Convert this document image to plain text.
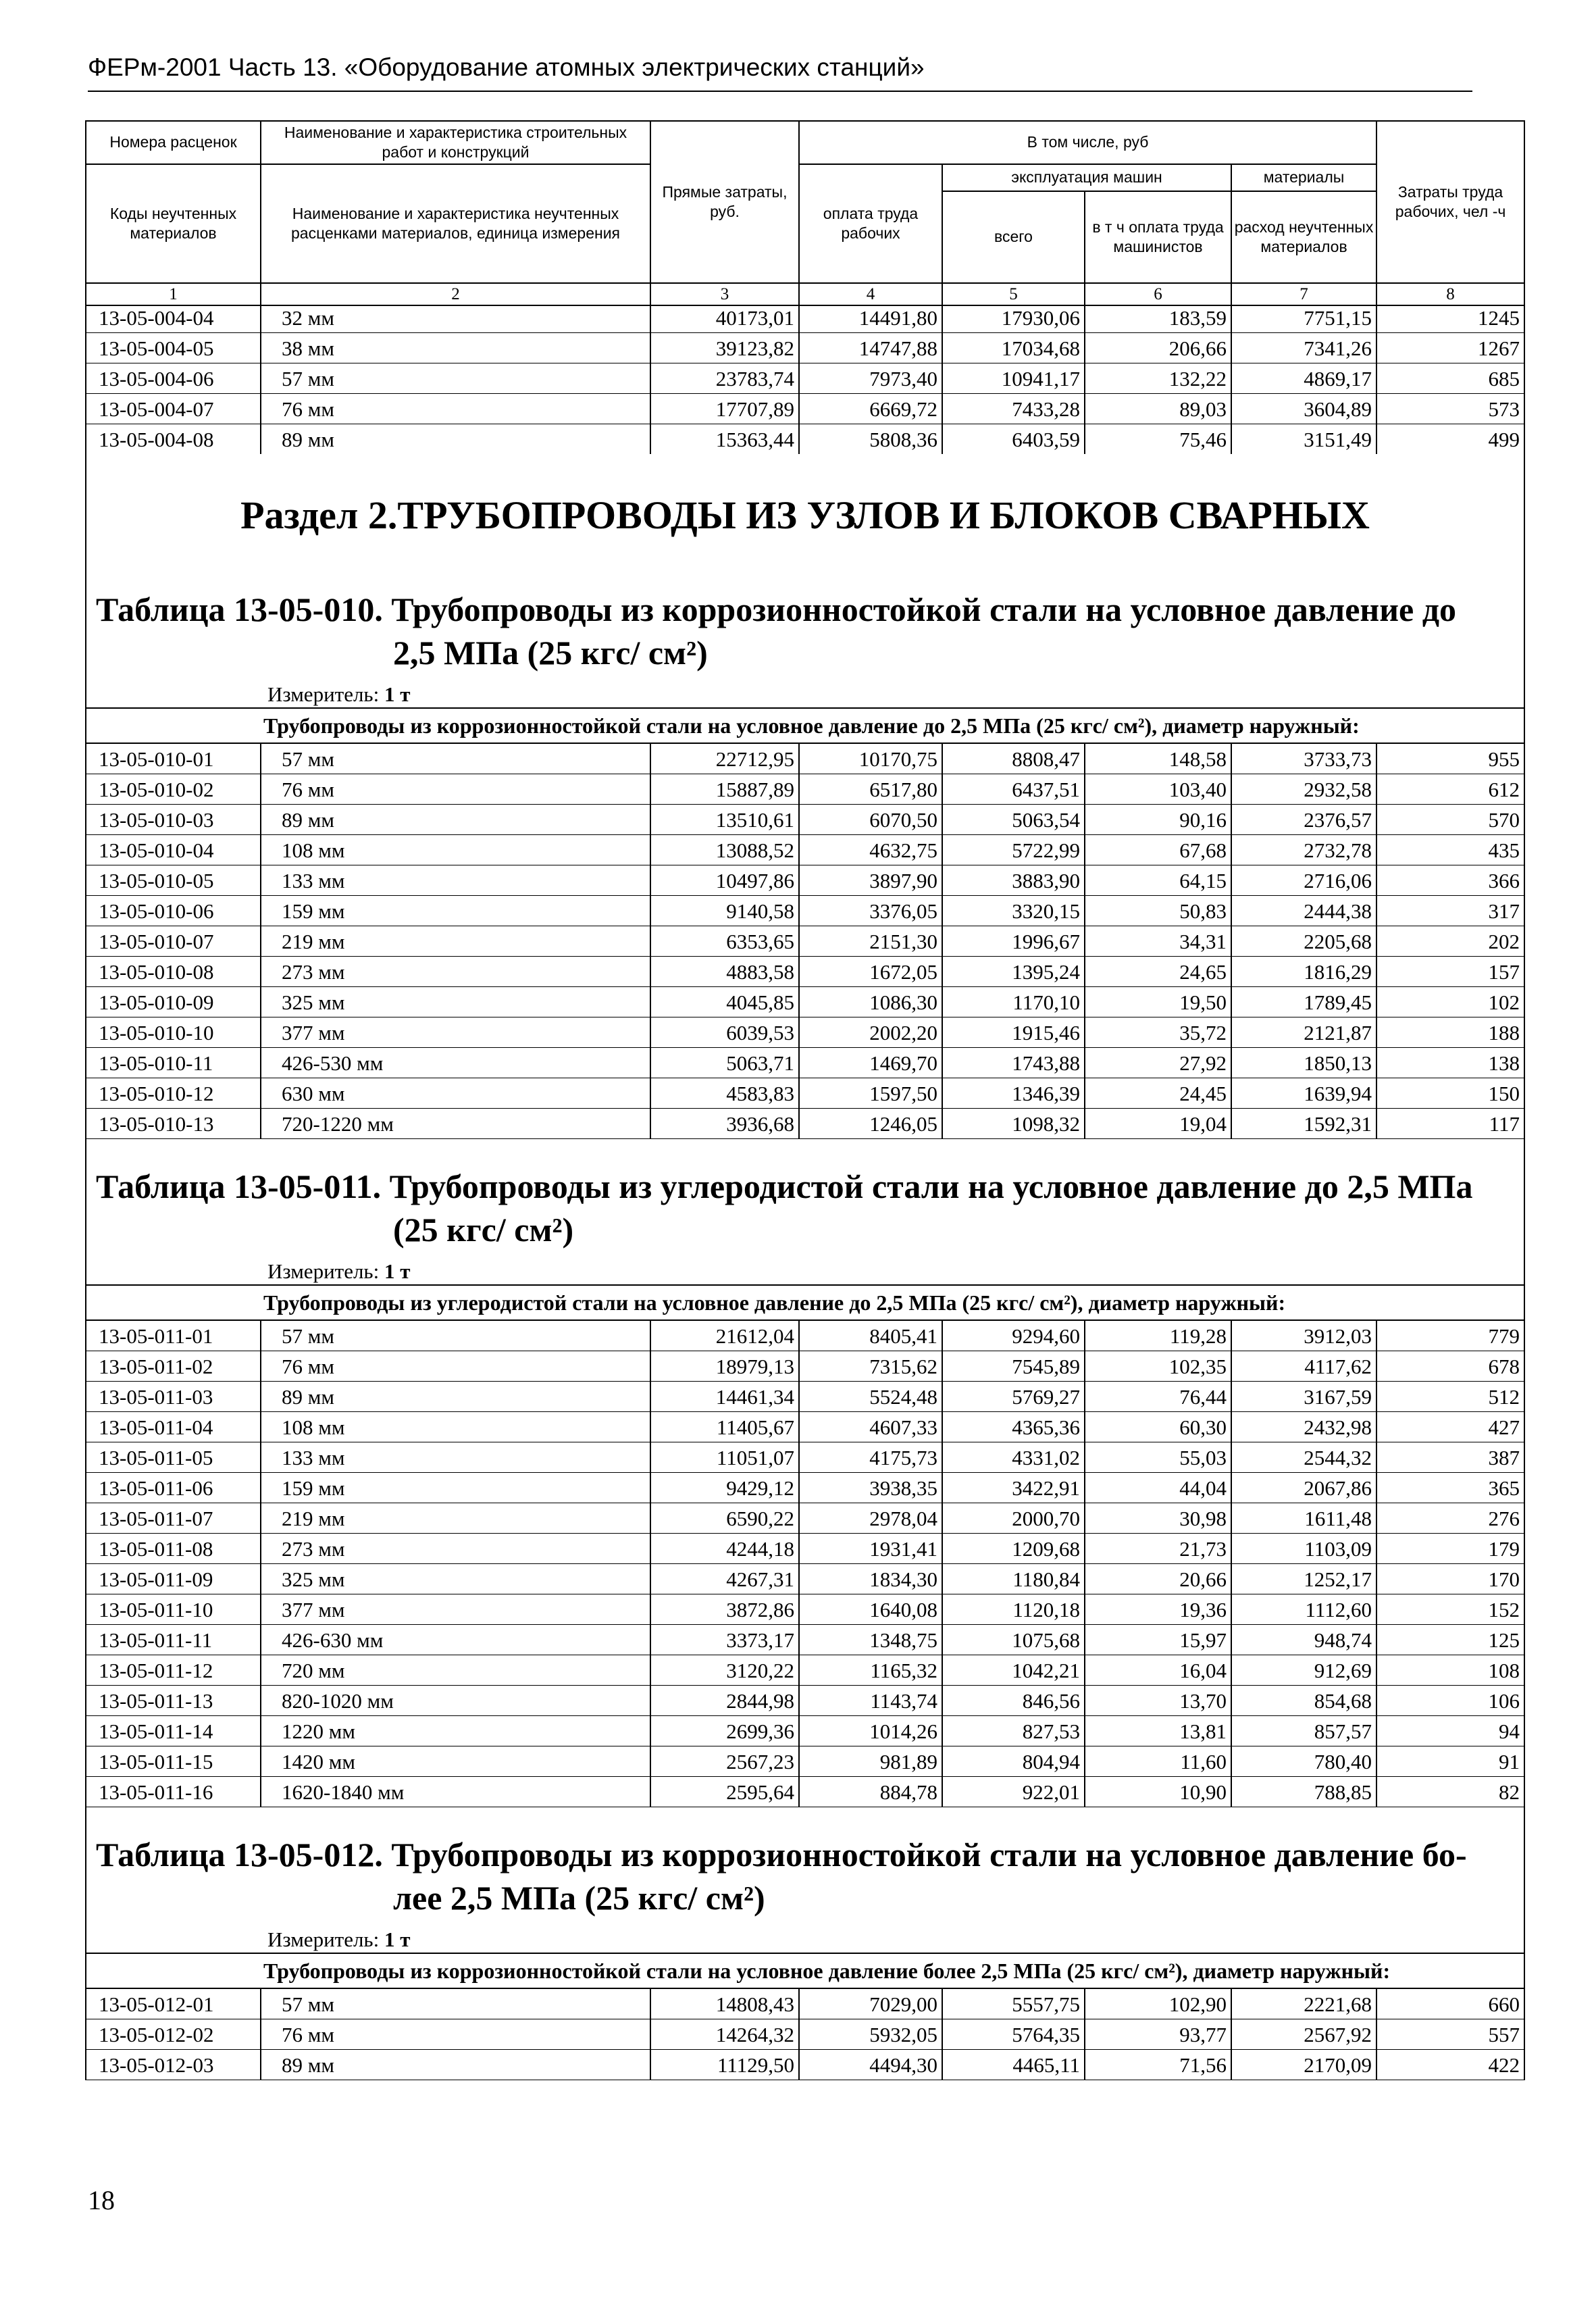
ФЕРм-2001 Часть 13. «Оборудование атомных электрических станций»
Номера расценок	Наименование и характеристика строительных работ и конструкций	Прямые затраты, руб.	В том числе, руб				Затраты труда рабочих, чел -ч
Коды неучтенных материалов	Наименование и характеристика неучтенных расценками материалов, единица измерения		оплата труда рабочих	эксплуатация машин		материалы	
				всего	в т ч оплата труда машинистов	расход неучтенных материалов	
1	2	3	4	5	6	7	8
13-05-004-04	32 мм	40173,01	14491,80	17930,06	183,59	7751,15	1245
13-05-004-05	38 мм	39123,82	14747,88	17034,68	206,66	7341,26	1267
13-05-004-06	57 мм	23783,74	7973,40	10941,17	132,22	4869,17	685
13-05-004-07	76 мм	17707,89	6669,72	7433,28	89,03	3604,89	573
13-05-004-08	89 мм	15363,44	5808,36	6403,59	75,46	3151,49	499

Раздел 2.ТРУБОПРОВОДЫ ИЗ УЗЛОВ И БЛОКОВ СВАРНЫХ							

Таблица 13-05-010. Трубопроводы из коррозионностойкой стали на условное давление до
2,5 МПа (25 кгс/ см²)
Измеритель: 1 т							

Трубопроводы из коррозионностойкой стали на условное давление до 2,5 МПа (25 кгс/ см²), диаметр наружный:							
13-05-010-01	57 мм	22712,95	10170,75	8808,47	148,58	3733,73	955
13-05-010-02	76 мм	15887,89	6517,80	6437,51	103,40	2932,58	612
13-05-010-03	89 мм	13510,61	6070,50	5063,54	90,16	2376,57	570
13-05-010-04	108 мм	13088,52	4632,75	5722,99	67,68	2732,78	435
13-05-010-05	133 мм	10497,86	3897,90	3883,90	64,15	2716,06	366
13-05-010-06	159 мм	9140,58	3376,05	3320,15	50,83	2444,38	317
13-05-010-07	219 мм	6353,65	2151,30	1996,67	34,31	2205,68	202
13-05-010-08	273 мм	4883,58	1672,05	1395,24	24,65	1816,29	157
13-05-010-09	325 мм	4045,85	1086,30	1170,10	19,50	1789,45	102
13-05-010-10	377 мм	6039,53	2002,20	1915,46	35,72	2121,87	188
13-05-010-11	426-530 мм	5063,71	1469,70	1743,88	27,92	1850,13	138
13-05-010-12	630 мм	4583,83	1597,50	1346,39	24,45	1639,94	150
13-05-010-13	720-1220 мм	3936,68	1246,05	1098,32	19,04	1592,31	117

Таблица 13-05-011. Трубопроводы из углеродистой стали на условное давление до 2,5 МПа
(25 кгс/ см²)
Измеритель: 1 т							

Трубопроводы из углеродистой стали на условное давление до 2,5 МПа (25 кгс/ см²), диаметр наружный:							
13-05-011-01	57 мм	21612,04	8405,41	9294,60	119,28	3912,03	779
13-05-011-02	76 мм	18979,13	7315,62	7545,89	102,35	4117,62	678
13-05-011-03	89 мм	14461,34	5524,48	5769,27	76,44	3167,59	512
13-05-011-04	108 мм	11405,67	4607,33	4365,36	60,30	2432,98	427
13-05-011-05	133 мм	11051,07	4175,73	4331,02	55,03	2544,32	387
13-05-011-06	159 мм	9429,12	3938,35	3422,91	44,04	2067,86	365
13-05-011-07	219 мм	6590,22	2978,04	2000,70	30,98	1611,48	276
13-05-011-08	273 мм	4244,18	1931,41	1209,68	21,73	1103,09	179
13-05-011-09	325 мм	4267,31	1834,30	1180,84	20,66	1252,17	170
13-05-011-10	377 мм	3872,86	1640,08	1120,18	19,36	1112,60	152
13-05-011-11	426-630 мм	3373,17	1348,75	1075,68	15,97	948,74	125
13-05-011-12	720 мм	3120,22	1165,32	1042,21	16,04	912,69	108
13-05-011-13	820-1020 мм	2844,98	1143,74	846,56	13,70	854,68	106
13-05-011-14	1220 мм	2699,36	1014,26	827,53	13,81	857,57	94
13-05-011-15	1420 мм	2567,23	981,89	804,94	11,60	780,40	91
13-05-011-16	1620-1840 мм	2595,64	884,78	922,01	10,90	788,85	82

Таблица 13-05-012. Трубопроводы из коррозионностойкой стали на условное давление бо-
лее 2,5 МПа (25 кгс/ см²)
Измеритель: 1 т							

Трубопроводы из коррозионностойкой стали на условное давление более 2,5 МПа (25 кгс/ см²), диаметр наружный:							
13-05-012-01	57 мм	14808,43	7029,00	5557,75	102,90	2221,68	660
13-05-012-02	76 мм	14264,32	5932,05	5764,35	93,77	2567,92	557
13-05-012-03	89 мм	11129,50	4494,30	4465,11	71,56	2170,09	422
18
